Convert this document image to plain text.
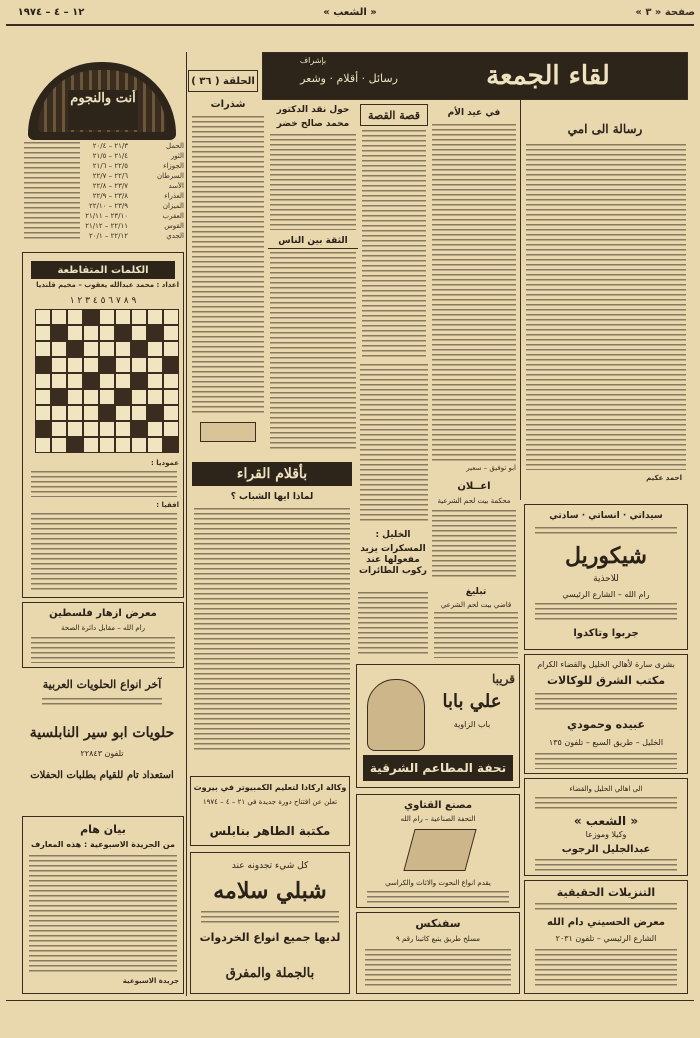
صفحة « ٣ »
« الشعب »
١٢ – ٤ – ١٩٧٤
لقاء الجمعة
رسائل · أقلام · وشعر
بإشراف
الحلقة ( ٣٦ )
أنت والنجوم
الحمل
٢١/٣ – ٢٠/٤
الثور
٢١/٤ – ٢١/٥
الجوزاء
٢٢/٥ – ٢١/٦
السرطان
٢٢/٦ – ٢٢/٧
الأسد
٢٣/٧ – ٢٢/٨
العذراء
٢٣/٨ – ٢٢/٩
الميزان
٢٣/٩ – ٢٢/١٠
العقرب
٢٣/١٠ – ٢١/١١
القوس
٢٢/١١ – ٢١/١٢
الجدي
٢٢/١٢ – ٢٠/١
الكلمات المتقاطعة
اعداد : محمد عبدالله يعقوب – مخيم قلنديا
٩ ٨ ٧ ٦ ٥ ٤ ٣ ٢ ١
عموديا :
افقيا :
معرض ازهار فلسطين
رام الله – مقابل دائرة الصحة
آخر انواع الحلويات العربية
حلويات ابو سير النابلسية
تلفون ٢٢٨٤٣
استعداد تام للقيام بطلبات الحفلات
بيان هام
من الجريدة الاسبوعية : هذه المعارف
جريدة الاسبوعية
رسالة الى امي
احمد عكيم
في عيد الأم
ابو توفيق – سعير
اعــلان
محكمة بيت لحم الشرعية
قصة القصة
حول نقد الدكتور
محمد صالح خضر
شذرات
الثقة بين الناس
بأقلام القراء
لماذا ايها الشباب ؟
الخليل :
المسكرات يزيد مفعولها عند ركوب الطائرات
تبليغ
قاضي بيت لحم الشرعي
قريبا
علي بابا
باب الزاوية
تحفة المطاعم الشرقية
سيداتي · انساتي · سادتي
شيكوريل
للاحذية
رام الله – الشارع الرئيسي
جربوا وتاكدوا
بشرى سارة لأهالي الخليل والقضاء الكرام
مكتب الشرق للوكالات
عبيده وحمودي
الخليل – طريق السبع – تلفون ١٣٥
وكالة اركادا لتعليم الكمبيوتر في بيروت
تعلن عن افتتاح دورة جديدة في ٢١ – ٤ – ١٩٧٤
مكتبة الطاهر بنابلس
كل شيء تجدونه عند
شبلي سلامه
لديها جميع انواع الخردوات
بالجملة والمفرق
مصنع القتاوي
التحفة الصناعية – رام الله
يقدم انواع النحوت والاثاث والكراسي
سفنكس
مسلخ طريق يتبع كاتبنا رقم ٩
الى اهالي الخليل والقضاء
« الشعب »
وكيلا وموزعا
عبدالجليل الرجوب
التنزيلات الحقيقية
معرض الحسيني دام الله
الشارع الرئيسي – تلفون ٢٠٣١
